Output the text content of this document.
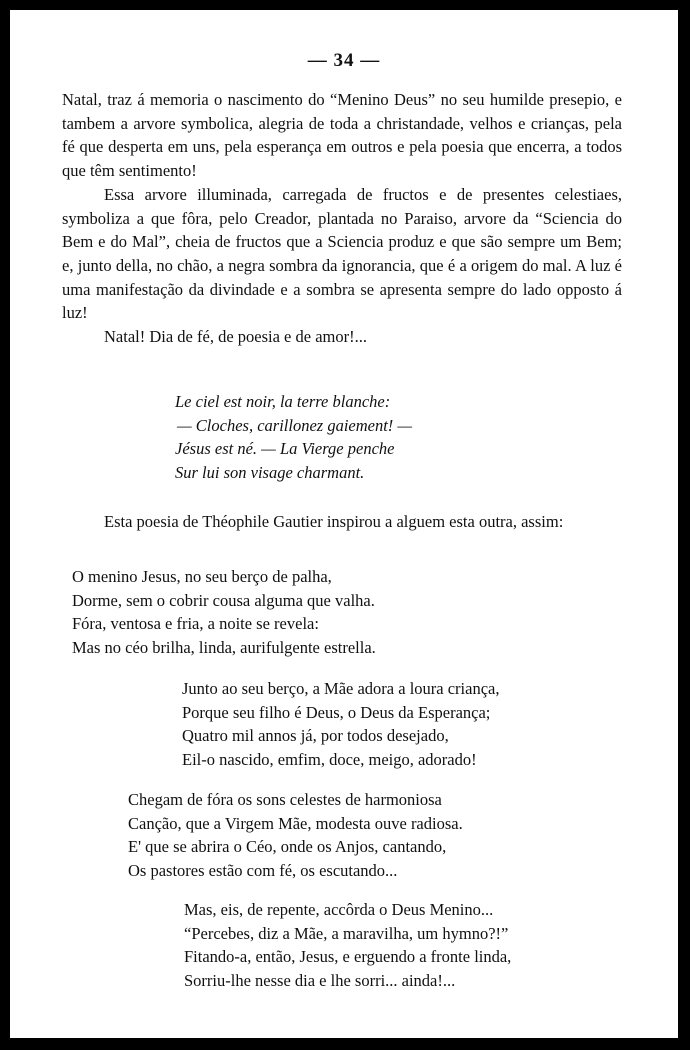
— 34 —

Natal, traz á memoria o nascimento do “Menino Deus” no seu humilde presepio, e tambem a arvore symbolica, alegria de toda a christandade, velhos e crianças, pela fé que desperta em uns, pela esperança em outros e pela poesia que encerra, a todos que têm sentimento!

Essa arvore illuminada, carregada de fructos e de presentes celestiaes, symboliza a que fôra, pelo Creador, plantada no Paraiso, arvore da “Sciencia do Bem e do Mal”, cheia de fructos que a Sciencia produz e que são sempre um Bem; e, junto della, no chão, a negra sombra da ignorancia, que é a origem do mal. A luz é uma manifestação da divindade e a sombra se apresenta sempre do lado opposto á luz!

Natal! Dia de fé, de poesia e de amor!...

Le ciel est noir, la terre blanche:
— Cloches, carillonez gaiement! —
Jésus est né. — La Vierge penche
Sur lui son visage charmant.

Esta poesia de Théophile Gautier inspirou a alguem esta outra, assim:

O menino Jesus, no seu berço de palha,
Dorme, sem o cobrir cousa alguma que valha.
Fóra, ventosa e fria, a noite se revela:
Mas no céo brilha, linda, aurifulgente estrella.
Junto ao seu berço, a Mãe adora a loura criança,
Porque seu filho é Deus, o Deus da Esperança;
Quatro mil annos já, por todos desejado,
Eil-o nascido, emfim, doce, meigo, adorado!
Chegam de fóra os sons celestes de harmoniosa
Canção, que a Virgem Mãe, modesta ouve radiosa.
E' que se abrira o Céo, onde os Anjos, cantando,
Os pastores estão com fé, os escutando...
Mas, eis, de repente, accôrda o Deus Menino...
“Percebes, diz a Mãe, a maravilha, um hymno?!”
Fitando-a, então, Jesus, e erguendo a fronte linda,
Sorriu-lhe nesse dia e lhe sorri... ainda!...
